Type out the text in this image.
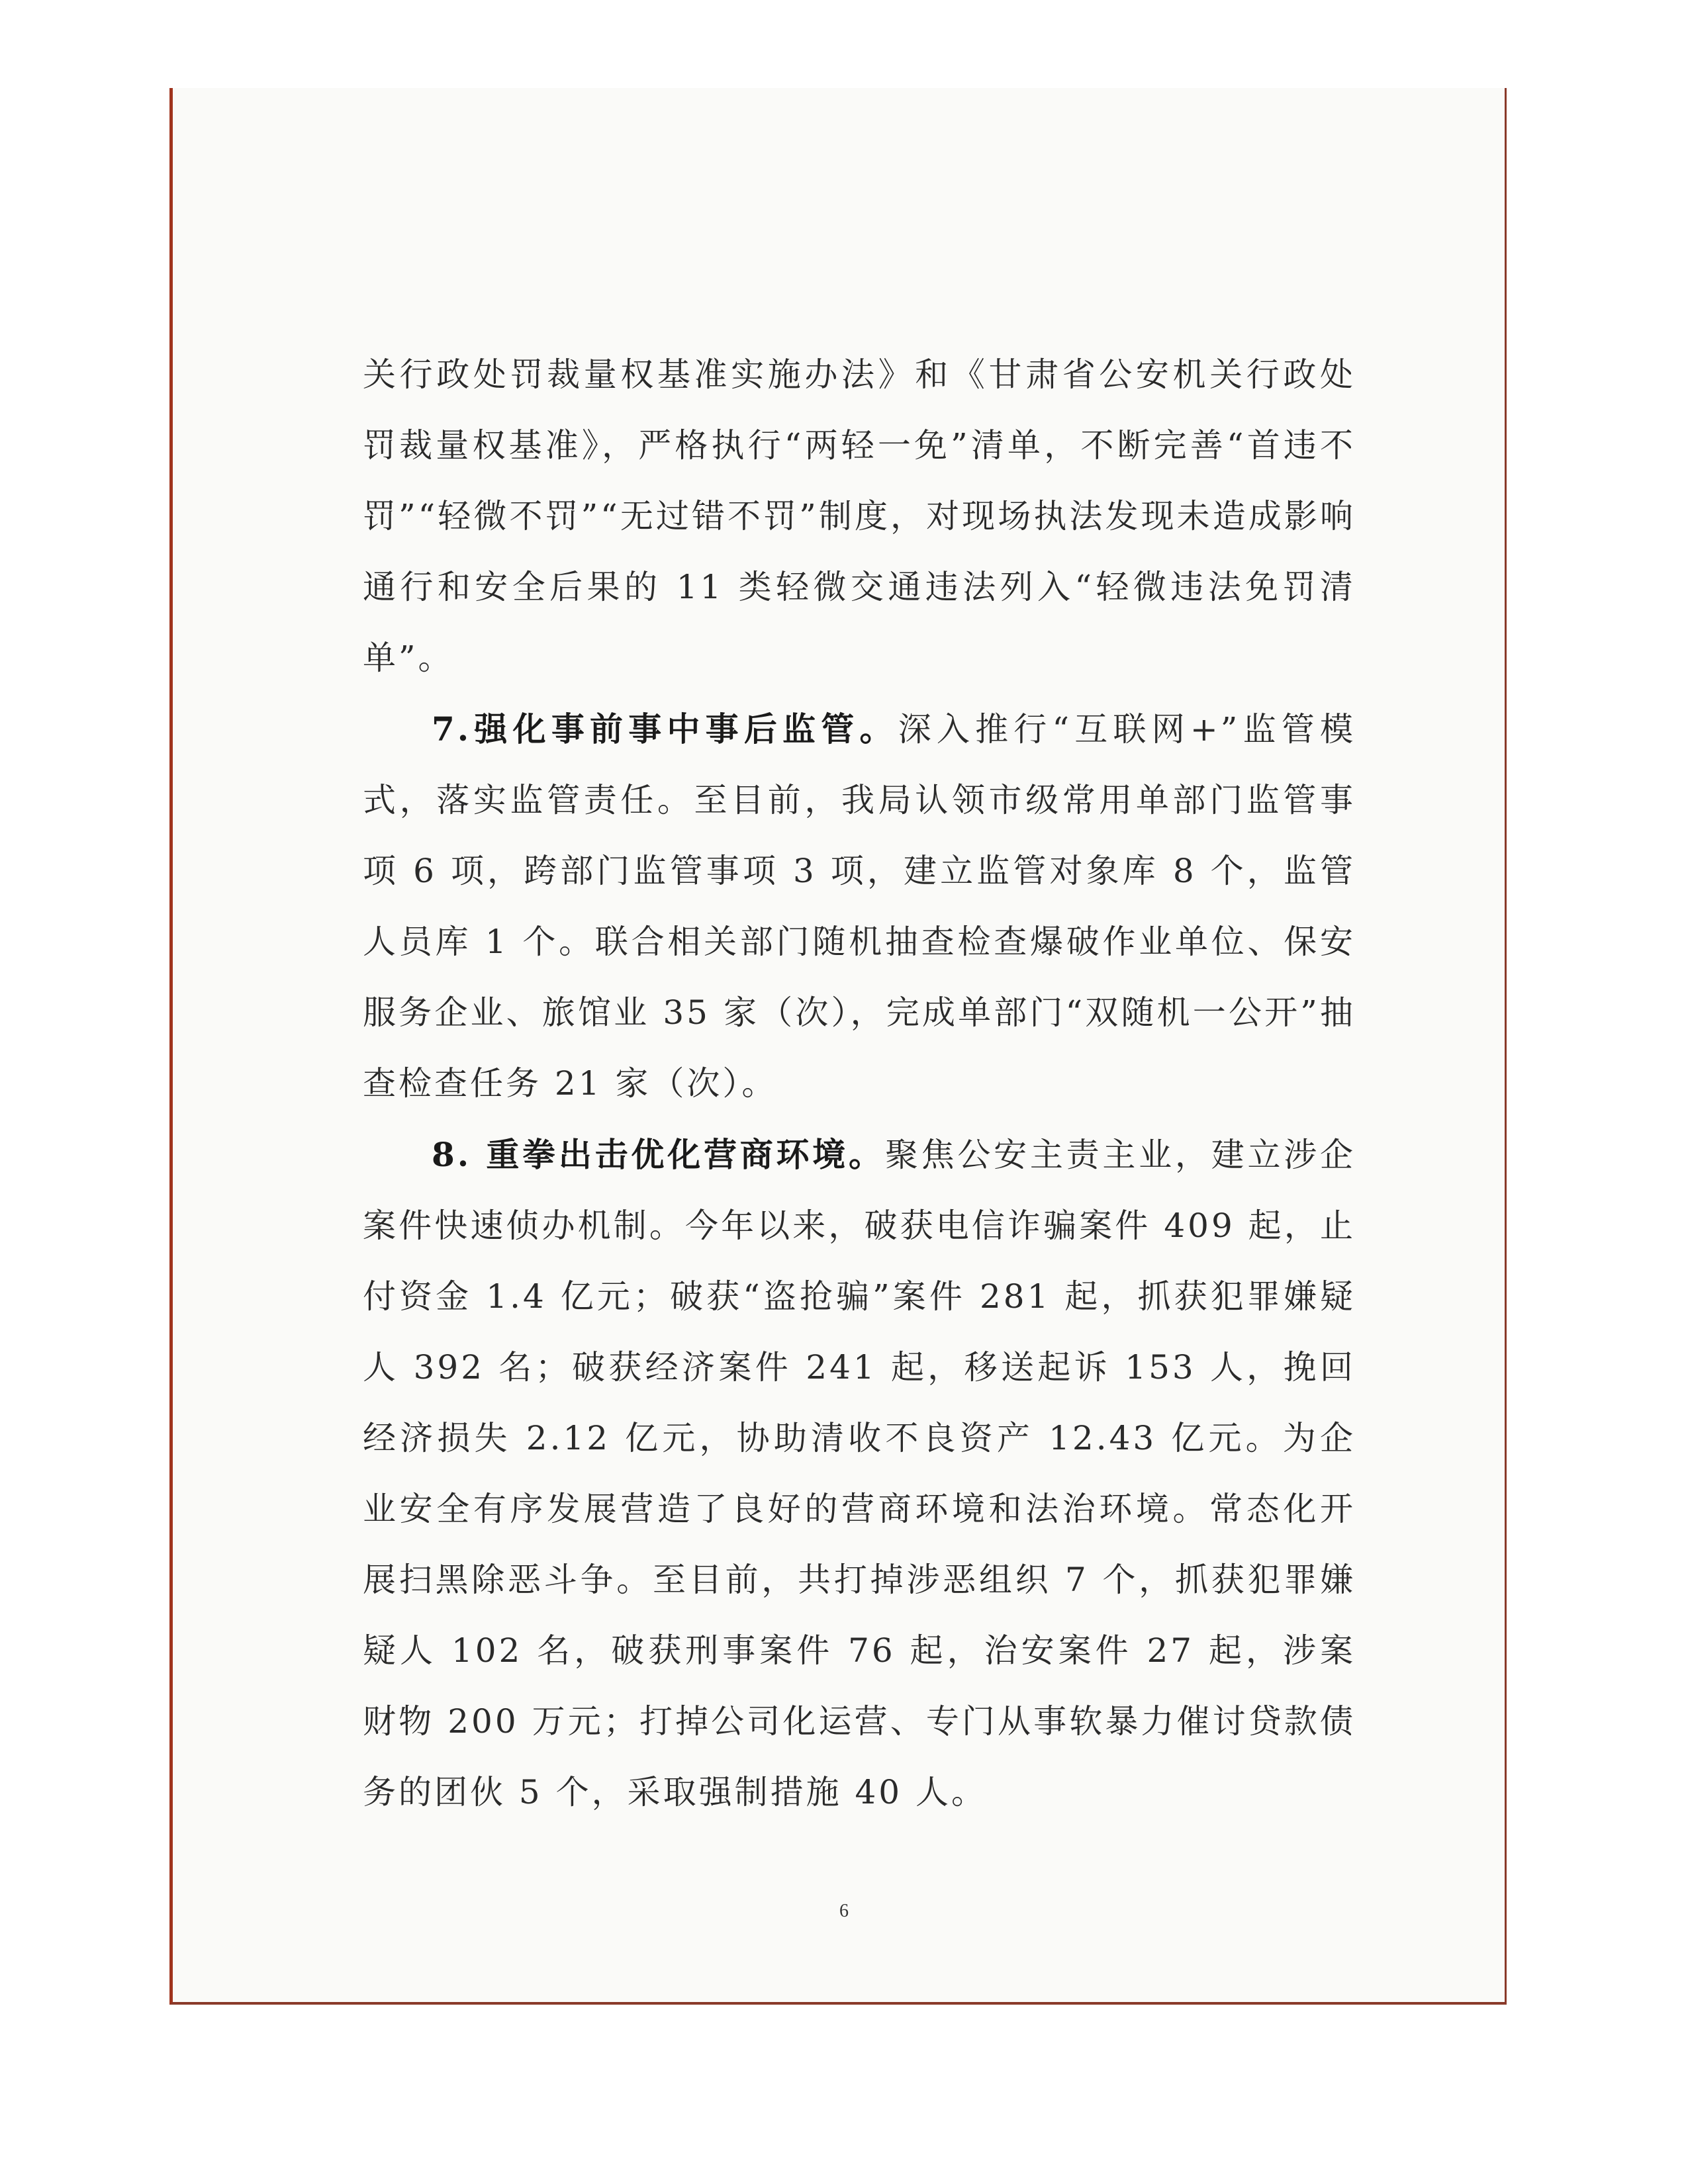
关行政处罚裁量权基准实施办法》和《甘肃省公安机关行政处罚裁量权基准》，严格执行“两轻一免”清单，不断完善“首违不罚”“轻微不罚”“无过错不罚”制度，对现场执法发现未造成影响通行和安全后果的 11 类轻微交通违法列入“轻微违法免罚清单”。

7.强化事前事中事后监管。深入推行“互联网+”监管模式，落实监管责任。至目前，我局认领市级常用单部门监管事项 6 项，跨部门监管事项 3 项，建立监管对象库 8 个，监管人员库 1 个。联合相关部门随机抽查检查爆破作业单位、保安服务企业、旅馆业 35 家（次），完成单部门“双随机一公开”抽查检查任务 21 家（次）。

8. 重拳出击优化营商环境。聚焦公安主责主业，建立涉企案件快速侦办机制。今年以来，破获电信诈骗案件 409 起，止付资金 1.4 亿元；破获“盗抢骗”案件 281 起，抓获犯罪嫌疑人 392 名；破获经济案件 241 起，移送起诉 153 人，挽回经济损失 2.12 亿元，协助清收不良资产 12.43 亿元。为企业安全有序发展营造了良好的营商环境和法治环境。常态化开展扫黑除恶斗争。至目前，共打掉涉恶组织 7 个，抓获犯罪嫌疑人 102 名，破获刑事案件 76 起，治安案件 27 起，涉案财物 200 万元；打掉公司化运营、专门从事软暴力催讨贷款债务的团伙 5 个，采取强制措施 40 人。

6
